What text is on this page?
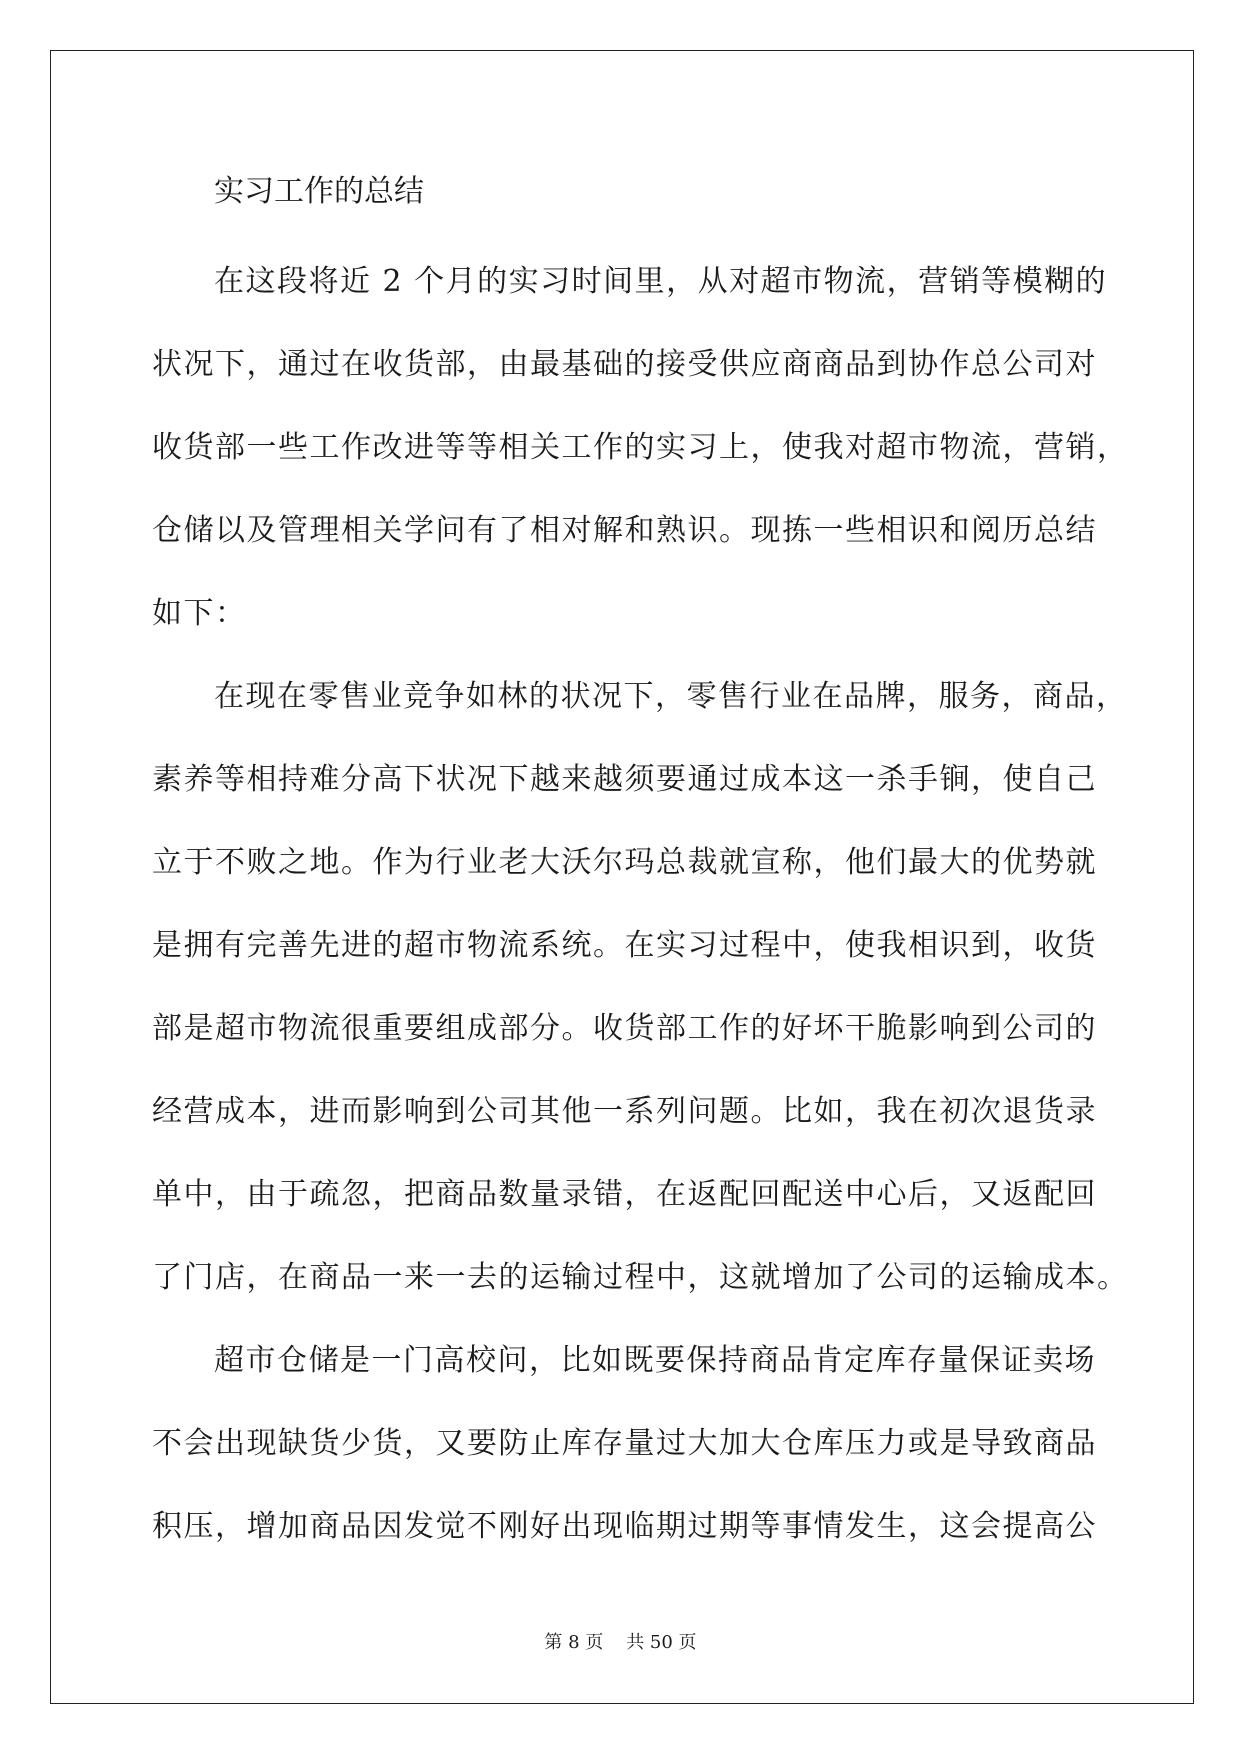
实习工作的总结
在这段将近 2 个月的实习时间里，从对超市物流，营销等模糊的
状况下，通过在收货部，由最基础的接受供应商商品到协作总公司对
收货部一些工作改进等等相关工作的实习上，使我对超市物流，营销，
仓储以及管理相关学问有了相对解和熟识。现拣一些相识和阅历总结
如下：
在现在零售业竞争如林的状况下，零售行业在品牌，服务，商品，
素养等相持难分高下状况下越来越须要通过成本这一杀手锏，使自己
立于不败之地。作为行业老大沃尔玛总裁就宣称，他们最大的优势就
是拥有完善先进的超市物流系统。在实习过程中，使我相识到，收货
部是超市物流很重要组成部分。收货部工作的好坏干脆影响到公司的
经营成本，进而影响到公司其他一系列问题。比如，我在初次退货录
单中，由于疏忽，把商品数量录错，在返配回配送中心后，又返配回
了门店，在商品一来一去的运输过程中，这就增加了公司的运输成本。
超市仓储是一门高校问，比如既要保持商品肯定库存量保证卖场
不会出现缺货少货，又要防止库存量过大加大仓库压力或是导致商品
积压，增加商品因发觉不刚好出现临期过期等事情发生，这会提高公
第 8 页    共 50 页
